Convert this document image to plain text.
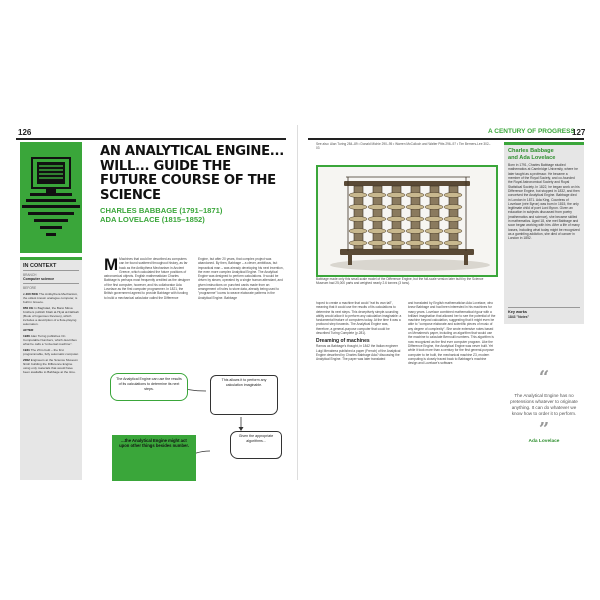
126
AN ANALYTICAL ENGINE... WILL... GUIDE THE FUTURE COURSE OF THE SCIENCE
CHARLES BABBAGE (1791–1871)
ADA LOVELACE (1815–1852)
IN CONTEXT
BRANCH
Computer science
BEFORE
c.100 BCE The Antikythera Mechanism, the oldest known analogue computer, is built in Greece.
850 CE In Baghdad, the Banū Mūsa brothers publish Kitab al-Hiyal al-Nafisah (Book of Ingenious Devices), which includes a description of a flute-playing automaton.
AFTER
1936 Alan Turing publishes On Computable Numbers, which describes what he calls a "universal machine".
1941 The Z3 is built – the first programmable, fully automatic computer.
2002 Engineers at the Science Museum finish building the Difference Engine using only materials that would have been available to Babbage at the time.
M Machines that could be described as computers can be found scattered throughout history, as far back as the Antikythera Mechanism in Ancient Greece, which calculated the future positions of astronomical objects. English mathematician Charles Babbage is perhaps most frequently credited as the designer of the first computer, however, and his collaborator Ada Lovelace as the first computer programmer. In 1821, the British government agreed to provide Babbage with funding to build a mechanical calculator called the Difference
Engine, but after 20 years, that complex project was abandoned. By then, Babbage – a clever, ambitious, but impractical man – was already developing his next invention, the even more complex Analytical Engine. The Analytical Engine was designed to perform calculations. It would be driven by steam, operated by a single human attendant, and given instructions on punched cards made from an arrangement of holes to store data, already being used to "programme" looms to weave elaborate patterns in the Analytical Engine. Babbage
The Analytical Engine can use the results of its calculations to determine its next steps.
This allows it to perform any calculation imaginable.
Given the appropriate algorithms...
...the Analytical Engine might act upon other things besides number.
A CENTURY OF PROGRESS
127
See also: Alan Turing 284–89 • Donald Michie 290–95 • Warren McCulloch and Walter Pitts 296–97 • Tim Berners-Lee 302–03
Babbage made only this small-scale model of the Difference Engine, but the full-scale version later built by the Science Museum had 25,000 parts and weighed nearly 2.6 tonnes (3 tons).
hoped to create a machine that could "eat its own tail", meaning that it could use the results of its calculations to determine its next steps. This deceptively simple-sounding ability would allow it to perform any calculation imaginable: a fundamental feature of computers today. At the time it was a profound step forwards. The Analytical Engine was, therefore, a general-purpose computer that could be described Turing Complete (p.281).
Dreaming of machines
Ramos as Babbage's thought, in 1842 the Italian engineer Luigi Menabrea published a paper (French) of the Analytical Engine described by Charles Babbage Ada? discussing the Analytical Engine. The paper was later translated
and translated by English mathematician Ada Lovelace, who knew Babbage and had been interested in his machines for many years. Lovelace combined mathematical rigour with a brilliant imagination that allowed her to see the potential of the machine beyond calculation, suggesting that it might even be able to "compose elaborate and scientific pieces of music of any degree of complexity". She wrote extensive notes based on Menabrea's paper, including an algorithm that would use the machine to calculate Bernoulli numbers. This algorithm is now recognized as the first ever computer program. Like the Difference Engine, the Analytical Engine was never built. Yet while it took more than a century for the first general-purpose computer to be built, the mechanical machine Z3, modern computing is closely traced back to Babbage's machine design and Lovelace's software.
Charles Babbage
and Ada Lovelace
Born in 1791, Charles Babbage studied mathematics at Cambridge University, where he later taught as a professor. He became a member of the Royal Society, and co-founded the Royal Astronomical Society and Royal Statistical Society. In 1822, he began work on his Difference Engine, but stopped in 1832, and then conceived the Analytical Engine. Babbage died in London in 1871. Ada King, Countess of Lovelace (née Byron) was born in 1815, the only legitimate child of poet Lord Byron. Given an education in subjects discussed from poetry (mathematics and science), she became skilled in mathematics. Aged 18, she met Babbage and soon began working with him. After a life of many losses, including what today might be recognized as a gambling addiction, she died of cancer in London in 1852.
Key works
1843 "Notes"
“
The Analytical Engine has no pretensions whatever to originate anything. It can do whatever we know how to order it to perform.
”
Ada Lovelace
